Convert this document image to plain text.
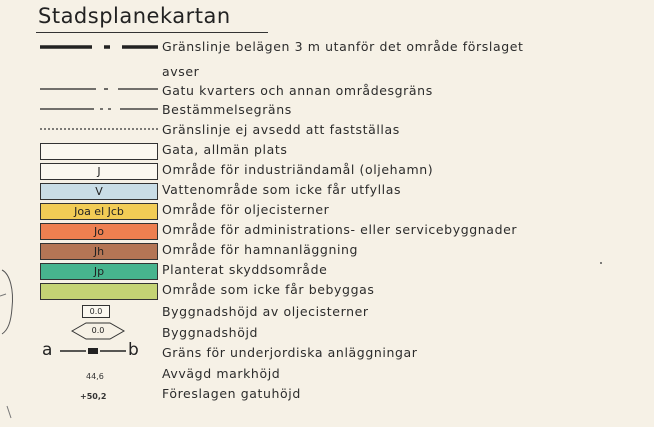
Stadsplanekartan
Gränslinje belägen 3 m utanför det område förslaget
avser
Gatu kvarters och annan områdesgräns
Bestämmelsegräns
Gränslinje ej avsedd att fastställas
Gata, allmän plats
J	Område för industriändamål (oljehamn)
V	Vattenområde som icke får utfyllas
Joa el Jcb	Område för oljecisterner
Jo	Område för administrations- eller servicebyggnader
Jh	Område för hamnanläggning
Jp	Planterat skyddsområde
Område som icke får bebyggas
0.0	Byggnadshöjd av oljecisterner
0.0	Byggnadshöjd
a	b Gräns för underjordiska anläggningar
44,6	Avvägd markhöjd
+50,2	Föreslagen gatuhöjd
